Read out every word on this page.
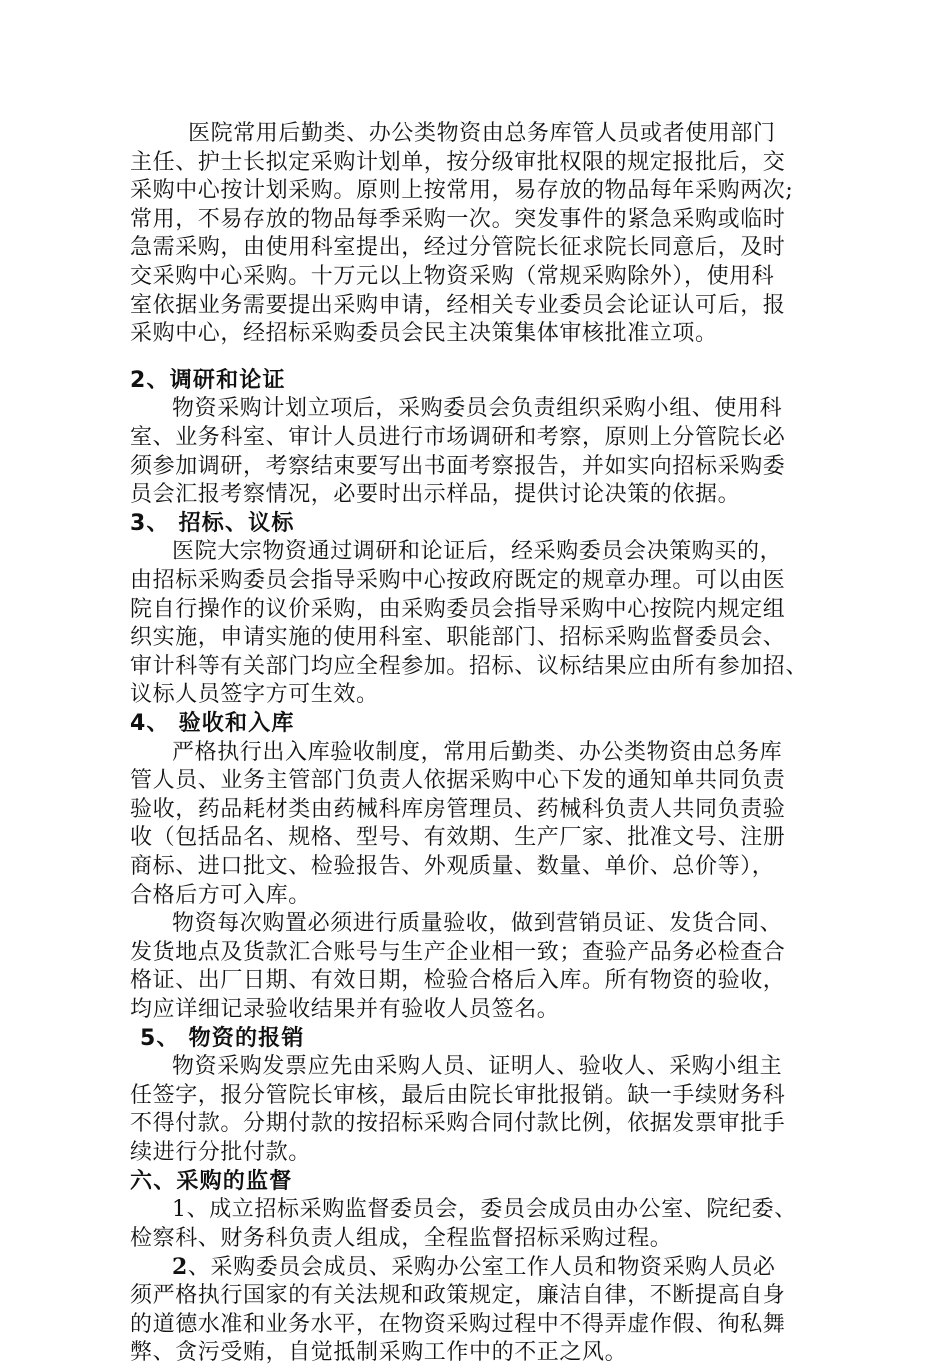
医院常用后勤类、办公类物资由总务库管人员或者使用部门
主任、护士长拟定采购计划单，按分级审批权限的规定报批后，交
采购中心按计划采购。原则上按常用，易存放的物品每年采购两次;
常用，不易存放的物品每季采购一次。突发事件的紧急采购或临时
急需采购，由使用科室提出，经过分管院长征求院长同意后，及时
交采购中心采购。十万元以上物资采购（常规采购除外），使用科
室依据业务需要提出采购申请，经相关专业委员会论证认可后，报
采购中心，经招标采购委员会民主决策集体审核批准立项。
2、调研和论证
物资采购计划立项后，采购委员会负责组织采购小组、使用科
室、业务科室、审计人员进行市场调研和考察，原则上分管院长必
须参加调研，考察结束要写出书面考察报告，并如实向招标采购委
员会汇报考察情况，必要时出示样品，提供讨论决策的依据。
3、 招标、议标
医院大宗物资通过调研和论证后，经采购委员会决策购买的，
由招标采购委员会指导采购中心按政府既定的规章办理。可以由医
院自行操作的议价采购，由采购委员会指导采购中心按院内规定组
织实施，申请实施的使用科室、职能部门、招标采购监督委员会、
审计科等有关部门均应全程参加。招标、议标结果应由所有参加招、
议标人员签字方可生效。
4、 验收和入库
严格执行出入库验收制度，常用后勤类、办公类物资由总务库
管人员、业务主管部门负责人依据采购中心下发的通知单共同负责
验收，药品耗材类由药械科库房管理员、药械科负责人共同负责验
收（包括品名、规格、型号、有效期、生产厂家、批准文号、注册
商标、进口批文、检验报告、外观质量、数量、单价、总价等），
合格后方可入库。
物资每次购置必须进行质量验收，做到营销员证、发货合同、
发货地点及货款汇合账号与生产企业相一致；查验产品务必检查合
格证、出厂日期、有效日期，检验合格后入库。所有物资的验收，
均应详细记录验收结果并有验收人员签名。
5、 物资的报销
物资采购发票应先由采购人员、证明人、验收人、采购小组主
任签字，报分管院长审核，最后由院长审批报销。缺一手续财务科
不得付款。分期付款的按招标采购合同付款比例，依据发票审批手
续进行分批付款。
六、采购的监督
1、成立招标采购监督委员会，委员会成员由办公室、院纪委、
检察科、财务科负责人组成，全程监督招标采购过程。
2、采购委员会成员、采购办公室工作人员和物资采购人员必
须严格执行国家的有关法规和政策规定，廉洁自律，不断提高自身
的道德水准和业务水平，在物资采购过程中不得弄虚作假、徇私舞
弊、贪污受贿，自觉抵制采购工作中的不正之风。
